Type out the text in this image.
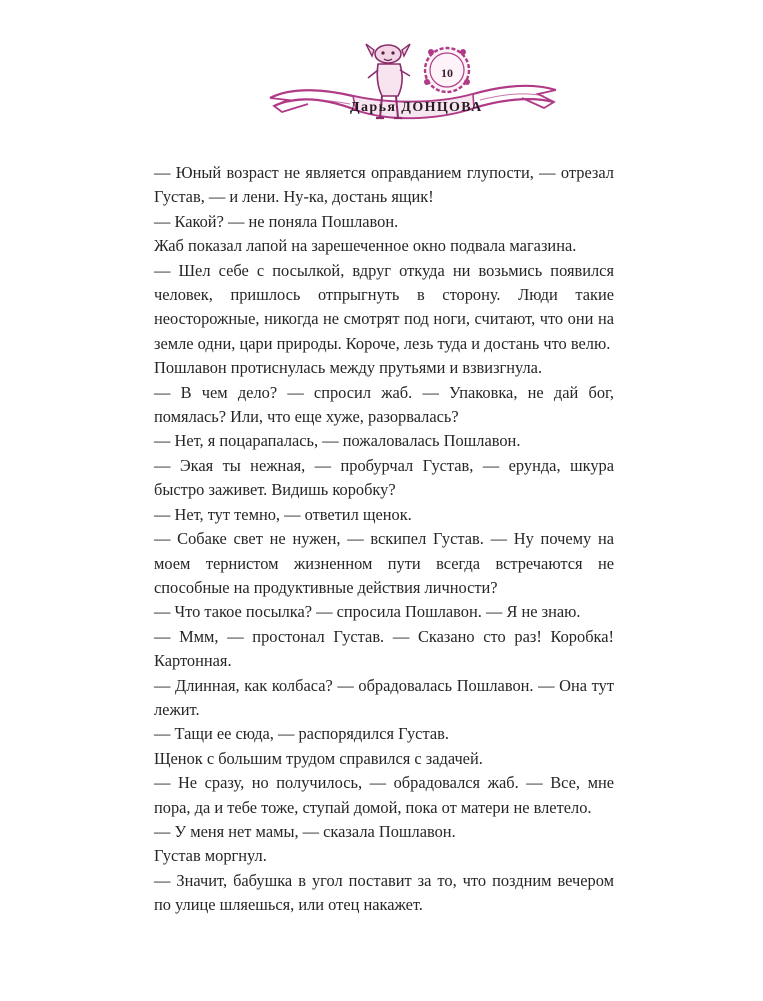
10
Дарья ДОНЦОВА

— Юный возраст не является оправданием глупости, — отрезал Густав, — и лени. Ну-ка, достань ящик!

— Какой? — не поняла Пошлавон.

Жаб показал лапой на зарешеченное окно подвала магазина.

— Шел себе с посылкой, вдруг откуда ни возьмись появился человек, пришлось отпрыгнуть в сторону. Люди такие неосторожные, никогда не смотрят под ноги, считают, что они на земле одни, цари природы. Короче, лезь туда и достань что велю.

Пошлавон протиснулась между прутьями и взвизгнула.

— В чем дело? — спросил жаб. — Упаковка, не дай бог, помялась? Или, что еще хуже, разорвалась?

— Нет, я поцарапалась, — пожаловалась Пошлавон.

— Экая ты нежная, — пробурчал Густав, — ерунда, шкура быстро заживет. Видишь коробку?

— Нет, тут темно, — ответил щенок.

— Собаке свет не нужен, — вскипел Густав. — Ну почему на моем тернистом жизненном пути всегда встречаются не способные на продуктивные действия личности?

— Что такое посылка? — спросила Пошлавон. — Я не знаю.

— Ммм, — простонал Густав. — Сказано сто раз! Коробка! Картонная.

— Длинная, как колбаса? — обрадовалась Пошлавон. — Она тут лежит.

— Тащи ее сюда, — распорядился Густав.

Щенок с большим трудом справился с задачей.

— Не сразу, но получилось, — обрадовался жаб. — Все, мне пора, да и тебе тоже, ступай домой, пока от матери не влетело.

— У меня нет мамы, — сказала Пошлавон.

Густав моргнул.

— Значит, бабушка в угол поставит за то, что поздним вечером по улице шляешься, или отец накажет.
